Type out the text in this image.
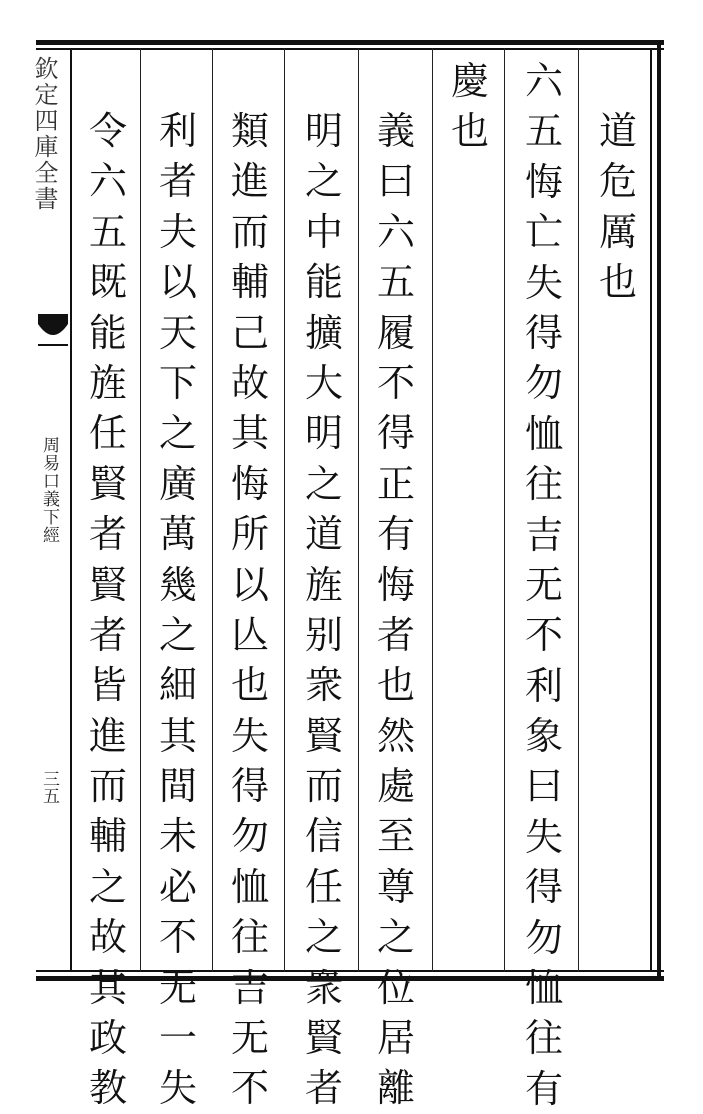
欽定四庫全書
周易口義下經
三五
道
危
厲
也
六
五
悔
亡
失
得
勿
恤
往
吉
无
不
利
象
曰
失
得
勿
恤
往
有
慶
也
義
曰
六
五
履
不
得
正
有
悔
者
也
然
處
至
尊
之
位
居
離
明
之
中
能
擴
大
明
之
道
旌
别
衆
賢
而
信
任
之
衆
賢
者
類
進
而
輔
己
故
其
悔
所
以
亾
也
失
得
勿
恤
往
吉
无
不
利
者
夫
以
天
下
之
廣
萬
幾
之
細
其
間
未
必
不
无
一
失
令
六
五
既
能
旌
任
賢
者
賢
者
皆
進
而
輔
之
故
其
政
教
